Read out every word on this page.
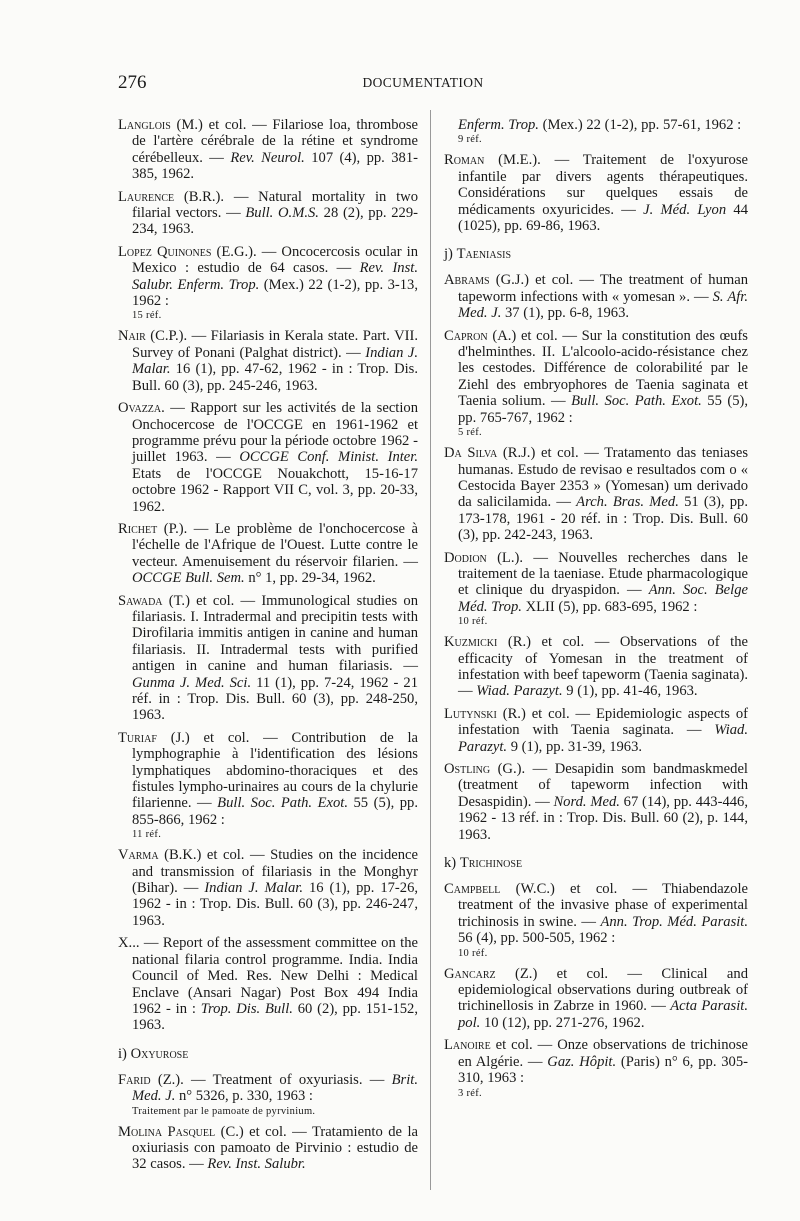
276	DOCUMENTATION
Langlois (M.) et col. — Filariose loa, thrombose de l'artère cérébrale de la rétine et syndrome cérébelleux. — Rev. Neurol. 107 (4), pp. 381-385, 1962.
Laurence (B.R.). — Natural mortality in two filarial vectors. — Bull. O.M.S. 28 (2), pp. 229-234, 1963.
Lopez Quinones (E.G.). — Oncocercosis ocular in Mexico : estudio de 64 casos. — Rev. Inst. Salubr. Enferm. Trop. (Mex.) 22 (1-2), pp. 3-13, 1962 :
15 réf.
Nair (C.P.). — Filariasis in Kerala state. Part. VII. Survey of Ponani (Palghat district). — Indian J. Malar. 16 (1), pp. 47-62, 1962 - in : Trop. Dis. Bull. 60 (3), pp. 245-246, 1963.
Ovazza. — Rapport sur les activités de la section Onchocercose de l'OCCGE en 1961-1962 et programme prévu pour la période octobre 1962 - juillet 1963. — OCCGE Conf. Minist. Inter. Etats de l'OCCGE Nouakchott, 15-16-17 octobre 1962 - Rapport VII C, vol. 3, pp. 20-33, 1962.
Richet (P.). — Le problème de l'onchocercose à l'échelle de l'Afrique de l'Ouest. Lutte contre le vecteur. Amenuisement du réservoir filarien. — OCCGE Bull. Sem. n° 1, pp. 29-34, 1962.
Sawada (T.) et col. — Immunological studies on filariasis. I. Intradermal and precipitin tests with Dirofilaria immitis antigen in canine and human filariasis. II. Intradermal tests with purified antigen in canine and human filariasis. — Gunma J. Med. Sci. 11 (1), pp. 7-24, 1962 - 21 réf. in : Trop. Dis. Bull. 60 (3), pp. 248-250, 1963.
Turiaf (J.) et col. — Contribution de la lymphographie à l'identification des lésions lymphatiques abdomino-thoraciques et des fistules lympho-urinaires au cours de la chylurie filarienne. — Bull. Soc. Path. Exot. 55 (5), pp. 855-866, 1962 :
11 réf.
Varma (B.K.) et col. — Studies on the incidence and transmission of filariasis in the Monghyr (Bihar). — Indian J. Malar. 16 (1), pp. 17-26, 1962 - in : Trop. Dis. Bull. 60 (3), pp. 246-247, 1963.
X... — Report of the assessment committee on the national filaria control programme. India. India Council of Med. Res. New Delhi : Medical Enclave (Ansari Nagar) Post Box 494 India 1962 - in : Trop. Dis. Bull. 60 (2), pp. 151-152, 1963.
i) Oxyurose
Farid (Z.). — Treatment of oxyuriasis. — Brit. Med. J. n° 5326, p. 330, 1963 :
Traitement par le pamoate de pyrvinium.
Molina Pasquel (C.) et col. — Tratamiento de la oxiuriasis con pamoato de Pirvinio : estudio de 32 casos. — Rev. Inst. Salubr.
Enferm. Trop. (Mex.) 22 (1-2), pp. 57-61, 1962 :
9 réf.
Roman (M.E.). — Traitement de l'oxyurose infantile par divers agents thérapeutiques. Considérations sur quelques essais de médicaments oxyuricides. — J. Méd. Lyon 44 (1025), pp. 69-86, 1963.
j) Taeniasis
Abrams (G.J.) et col. — The treatment of human tapeworm infections with « yomesan ». — S. Afr. Med. J. 37 (1), pp. 6-8, 1963.
Capron (A.) et col. — Sur la constitution des œufs d'helminthes. II. L'alcoolo-acido-résistance chez les cestodes. Différence de colorabilité par le Ziehl des embryophores de Taenia saginata et Taenia solium. — Bull. Soc. Path. Exot. 55 (5), pp. 765-767, 1962 :
5 réf.
Da Silva (R.J.) et col. — Tratamento das teniases humanas. Estudo de revisao e resultados com o « Cestocida Bayer 2353 » (Yomesan) um derivado da salicilamida. — Arch. Bras. Med. 51 (3), pp. 173-178, 1961 - 20 réf. in : Trop. Dis. Bull. 60 (3), pp. 242-243, 1963.
Dodion (L.). — Nouvelles recherches dans le traitement de la taeniase. Etude pharmacologique et clinique du dryaspidon. — Ann. Soc. Belge Méd. Trop. XLII (5), pp. 683-695, 1962 :
10 réf.
Kuzmicki (R.) et col. — Observations of the efficacity of Yomesan in the treatment of infestation with beef tapeworm (Taenia saginata). — Wiad. Parazyt. 9 (1), pp. 41-46, 1963.
Lutynski (R.) et col. — Epidemiologic aspects of infestation with Taenia saginata. — Wiad. Parazyt. 9 (1), pp. 31-39, 1963.
Ostling (G.). — Desapidin som bandmaskmedel (treatment of tapeworm infection with Desaspidin). — Nord. Med. 67 (14), pp. 443-446, 1962 - 13 réf. in : Trop. Dis. Bull. 60 (2), p. 144, 1963.
k) Trichinose
Campbell (W.C.) et col. — Thiabendazole treatment of the invasive phase of experimental trichinosis in swine. — Ann. Trop. Méd. Parasit. 56 (4), pp. 500-505, 1962 :
10 réf.
Gancarz (Z.) et col. — Clinical and epidemiological observations during outbreak of trichinellosis in Zabrze in 1960. — Acta Parasit. pol. 10 (12), pp. 271-276, 1962.
Lanoire et col. — Onze observations de trichinose en Algérie. — Gaz. Hôpit. (Paris) n° 6, pp. 305-310, 1963 :
3 réf.
